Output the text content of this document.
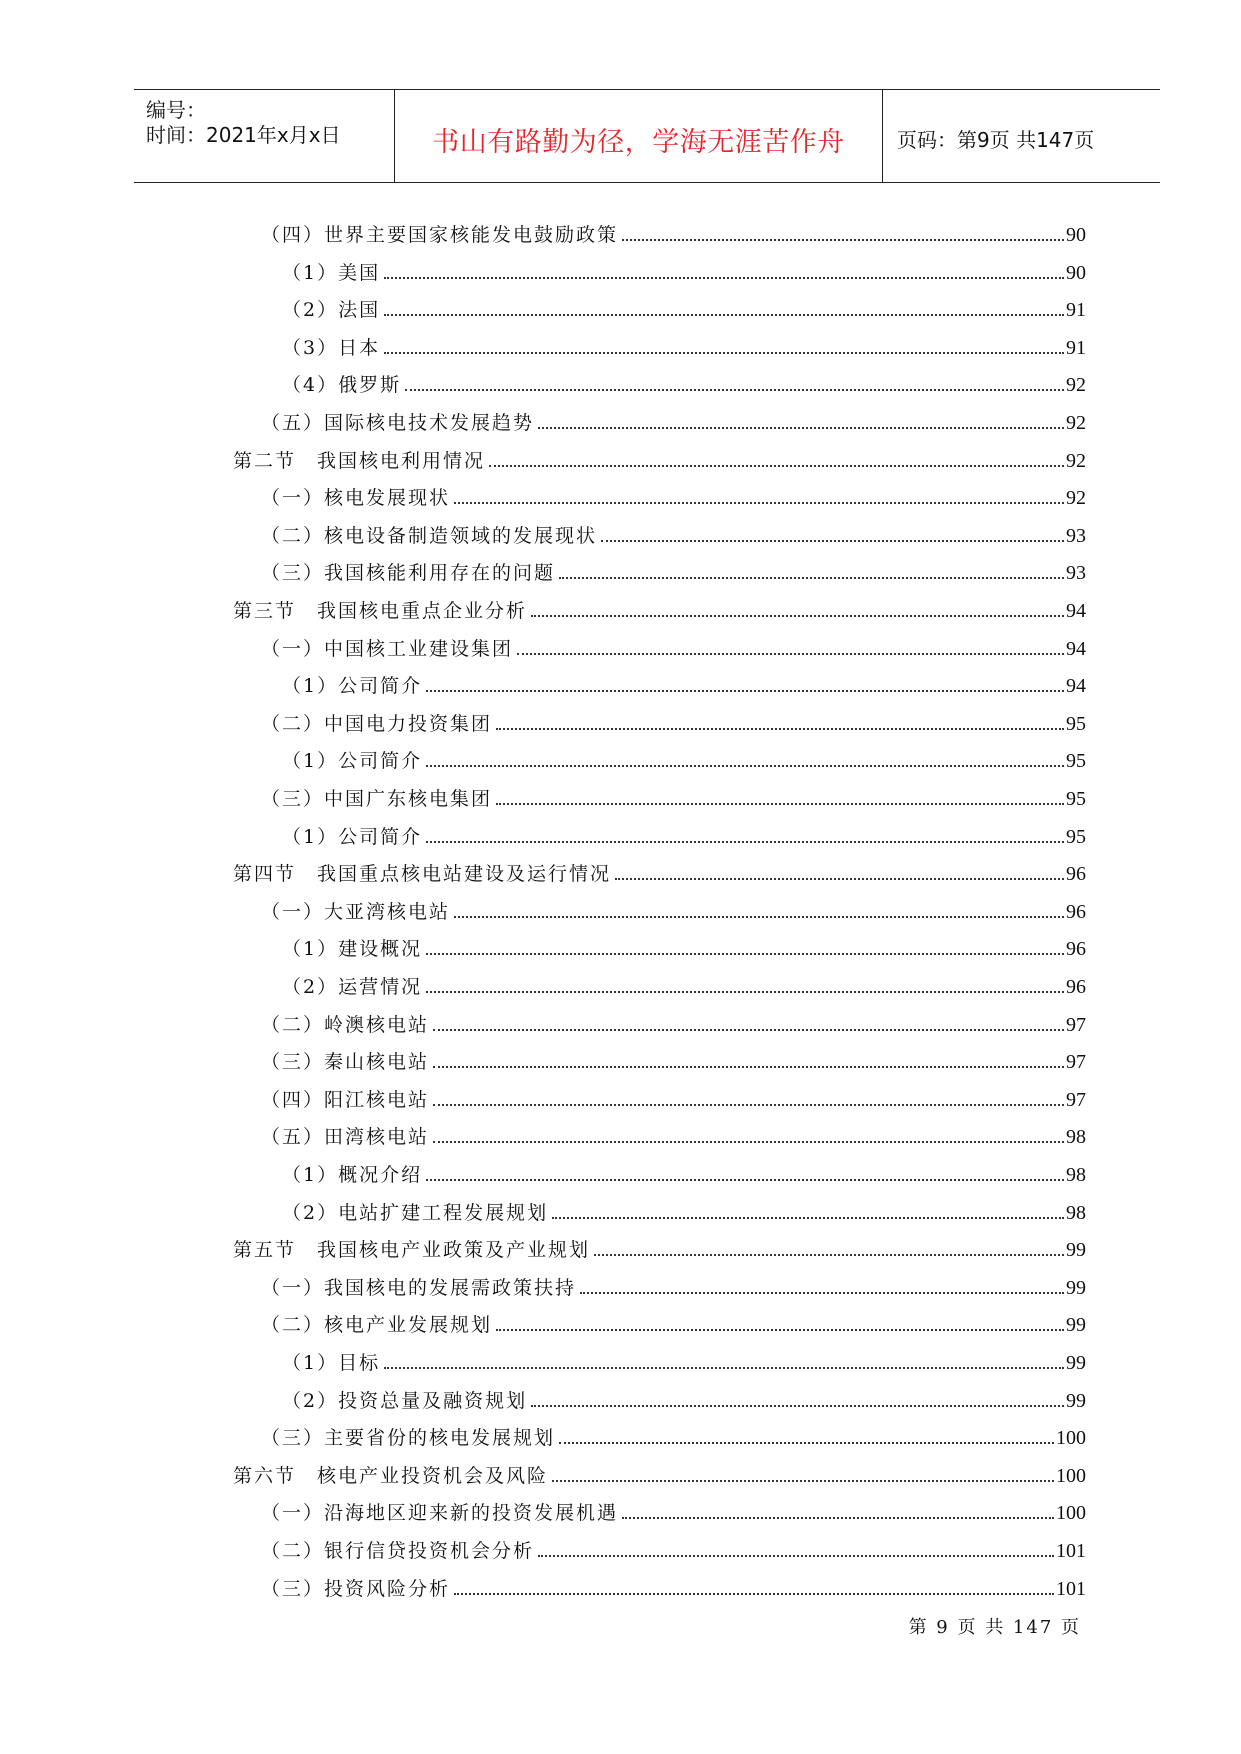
编号：
时间：2021年x月x日	书山有路勤为径，学海无涯苦作舟	页码：第9页 共147页
（四）世界主要国家核能发电鼓励政策	90
（1）美国	90
（2）法国	91
（3）日本	91
（4）俄罗斯	92
（五）国际核电技术发展趋势	92
第二节　我国核电利用情况	92
（一）核电发展现状	92
（二）核电设备制造领域的发展现状	93
（三）我国核能利用存在的问题	93
第三节　我国核电重点企业分析	94
（一）中国核工业建设集团	94
（1）公司简介	94
（二）中国电力投资集团	95
（1）公司简介	95
（三）中国广东核电集团	95
（1）公司简介	95
第四节　我国重点核电站建设及运行情况	96
（一）大亚湾核电站	96
（1）建设概况	96
（2）运营情况	96
（二）岭澳核电站	97
（三）秦山核电站	97
（四）阳江核电站	97
（五）田湾核电站	98
（1）概况介绍	98
（2）电站扩建工程发展规划	98
第五节　我国核电产业政策及产业规划	99
（一）我国核电的发展需政策扶持	99
（二）核电产业发展规划	99
（1）目标	99
（2）投资总量及融资规划	99
（三）主要省份的核电发展规划	100
第六节　核电产业投资机会及风险	100
（一）沿海地区迎来新的投资发展机遇	100
（二）银行信贷投资机会分析	101
（三）投资风险分析	101
第 9 页 共 147 页
